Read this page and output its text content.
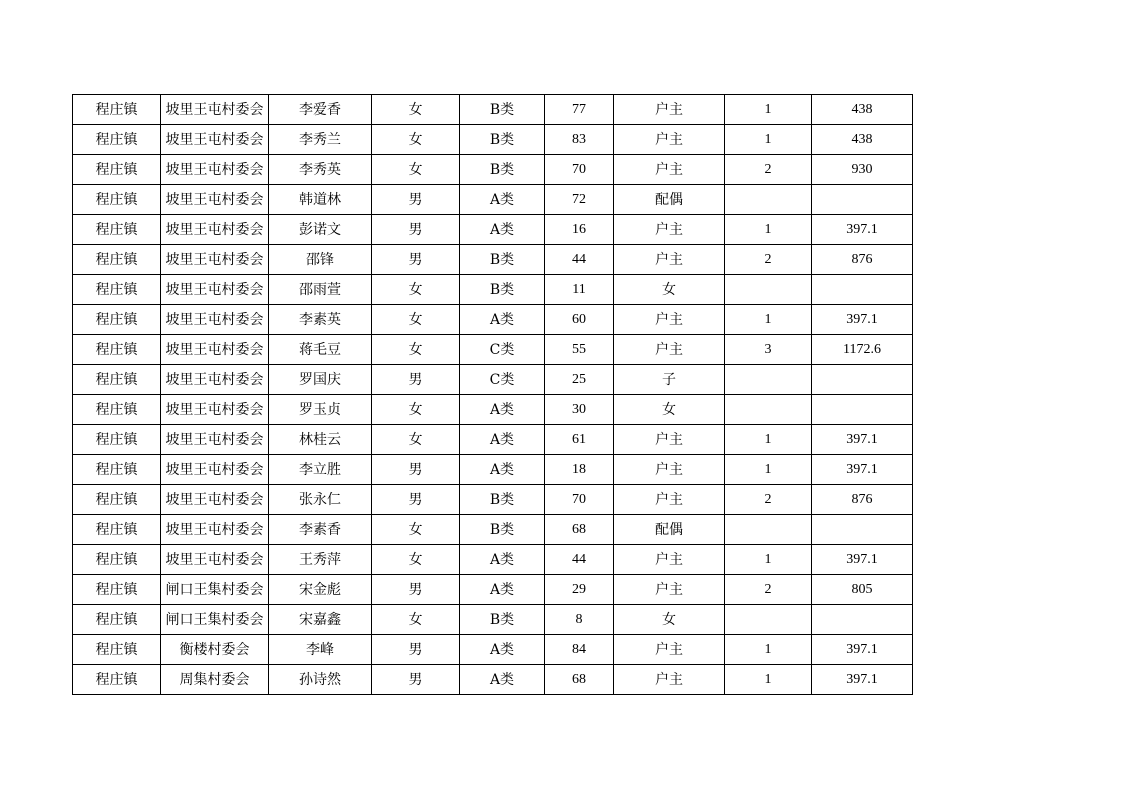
程庄镇	坡里王屯村委会	李爱香	女	B类	77	户主	1	438
程庄镇	坡里王屯村委会	李秀兰	女	B类	83	户主	1	438
程庄镇	坡里王屯村委会	李秀英	女	B类	70	户主	2	930
程庄镇	坡里王屯村委会	韩道林	男	A类	72	配偶		
程庄镇	坡里王屯村委会	彭诺文	男	A类	16	户主	1	397.1
程庄镇	坡里王屯村委会	邵锋	男	B类	44	户主	2	876
程庄镇	坡里王屯村委会	邵雨萱	女	B类	11	女		
程庄镇	坡里王屯村委会	李素英	女	A类	60	户主	1	397.1
程庄镇	坡里王屯村委会	蒋毛豆	女	C类	55	户主	3	1172.6
程庄镇	坡里王屯村委会	罗国庆	男	C类	25	子		
程庄镇	坡里王屯村委会	罗玉贞	女	A类	30	女		
程庄镇	坡里王屯村委会	林桂云	女	A类	61	户主	1	397.1
程庄镇	坡里王屯村委会	李立胜	男	A类	18	户主	1	397.1
程庄镇	坡里王屯村委会	张永仁	男	B类	70	户主	2	876
程庄镇	坡里王屯村委会	李素香	女	B类	68	配偶		
程庄镇	坡里王屯村委会	王秀萍	女	A类	44	户主	1	397.1
程庄镇	闸口王集村委会	宋金彪	男	A类	29	户主	2	805
程庄镇	闸口王集村委会	宋嘉鑫	女	B类	8	女		
程庄镇	衡楼村委会	李峰	男	A类	84	户主	1	397.1
程庄镇	周集村委会	孙诗然	男	A类	68	户主	1	397.1
